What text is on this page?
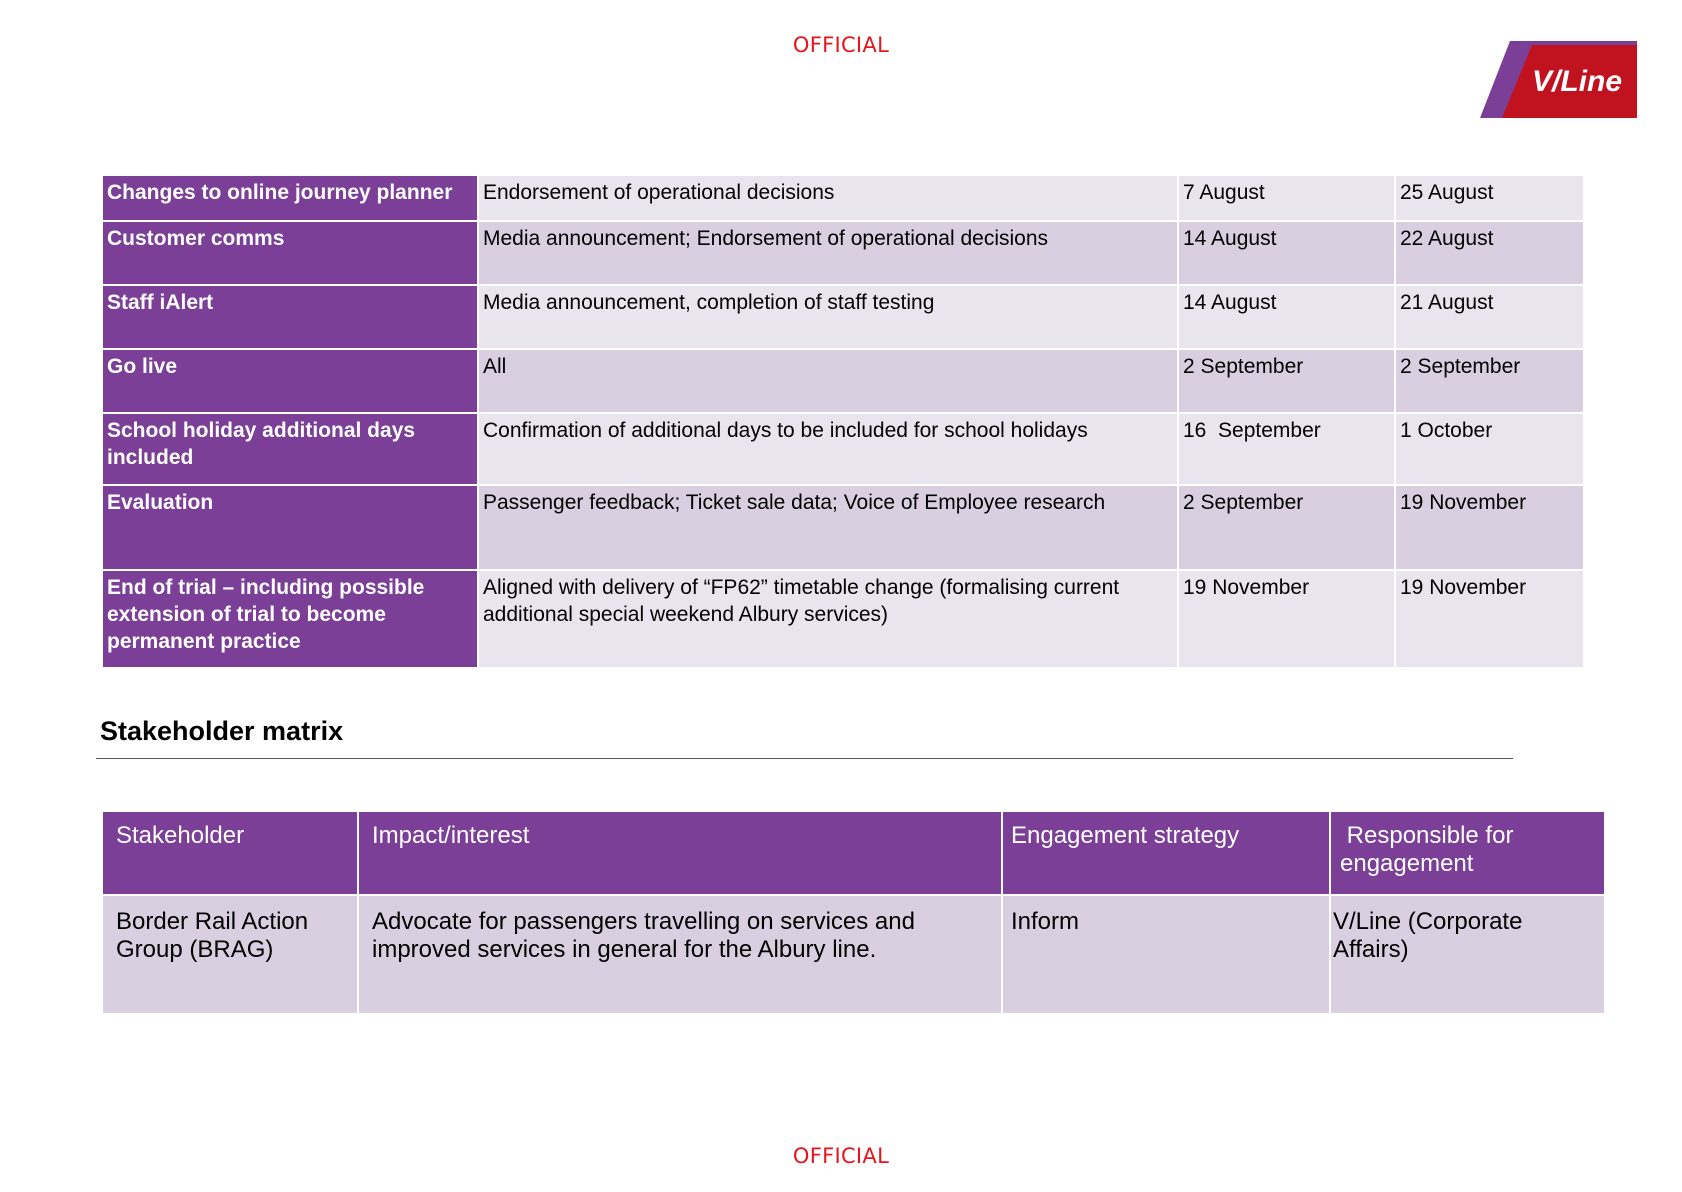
OFFICIAL
V/Line
Changes to online journey planner	Endorsement of operational decisions	7 August	25 August
Customer comms	Media announcement; Endorsement of operational decisions	14 August	22 August
Staff iAlert	Media announcement, completion of staff testing	14 August	21 August
Go live	All	2 September	2 September
School holiday additional days included	Confirmation of additional days to be included for school holidays	16  September	1 October
Evaluation	Passenger feedback; Ticket sale data; Voice of Employee research	2 September	19 November
End of trial – including possible extension of trial to become permanent practice	Aligned with delivery of “FP62” timetable change (formalising current additional special weekend Albury services)	19 November	19 November
Stakeholder matrix
Stakeholder	Impact/interest	Engagement strategy	Responsible for engagement
Border Rail Action Group (BRAG)	Advocate for passengers travelling on services and improved services in general for the Albury line.	Inform	V/Line (Corporate Affairs)
OFFICIAL
